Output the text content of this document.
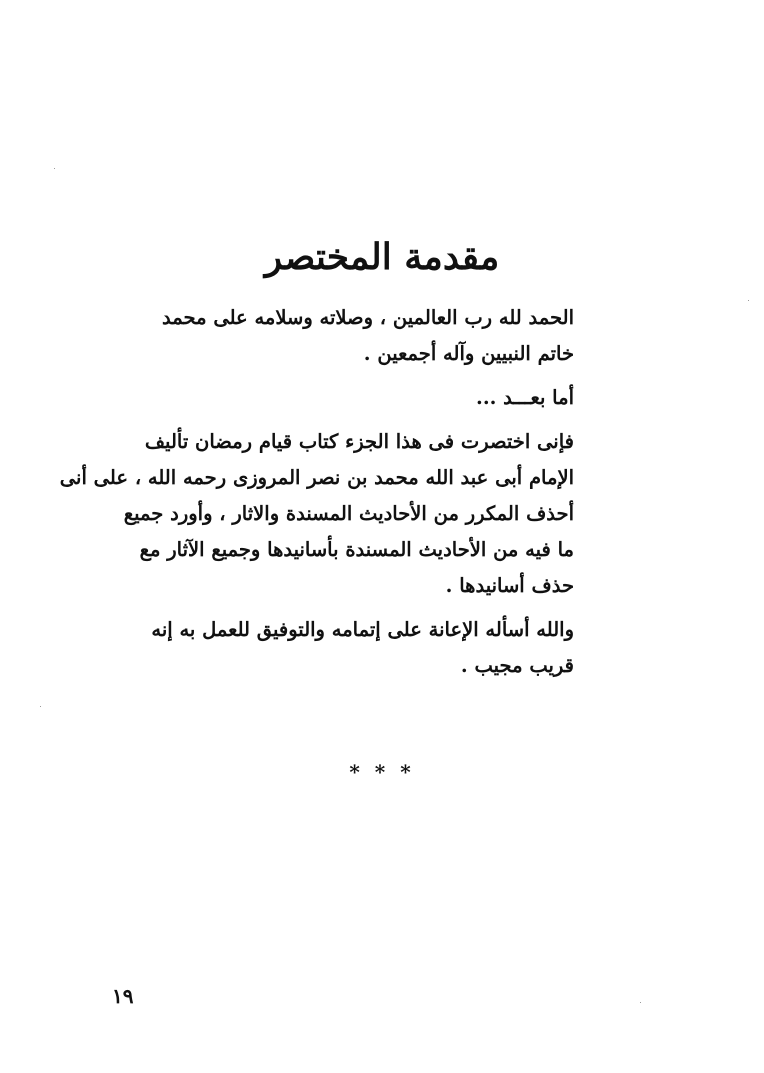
مقدمة المختصر

الحمد لله رب العالمين ، وصلاته وسلامه على محمد
خاتم النبيين وآله أجمعين .

أما بعـــد ...

فإنى اختصرت فى هذا الجزء كتاب قيام رمضان تأليف
الإمام أبى عبد الله محمد بن نصر المروزى رحمه الله ، على أنى
أحذف المكرر من الأحاديث المسندة والاثار ، وأورد جميع
ما فيه من الأحاديث المسندة بأسانيدها وجميع الآثار مع
حذف أسانيدها .

والله أسأله الإعانة على إتمامه والتوفيق للعمل به إنه
قريب مجيب .

* * *
١٩
